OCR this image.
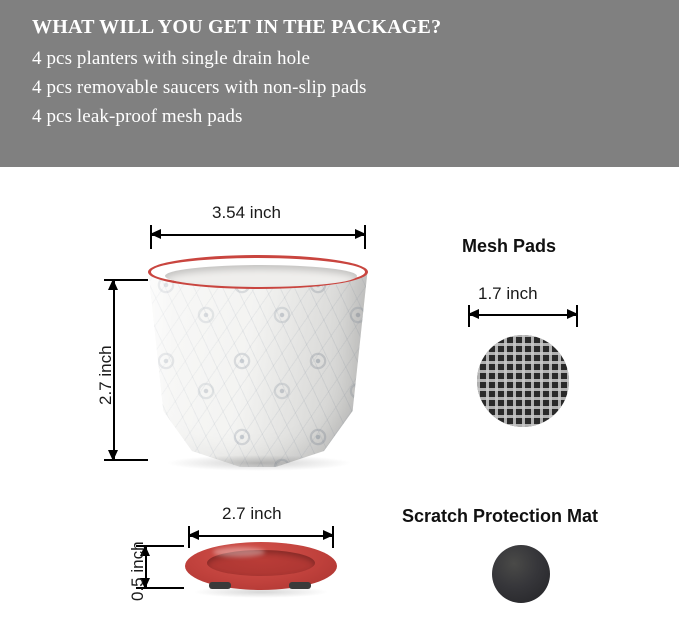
WHAT WILL YOU GET IN THE PACKAGE?
4 pcs planters with single drain hole
4 pcs removable saucers with non-slip pads
4 pcs leak-proof mesh pads
3.54 inch
2.7 inch
Mesh Pads
1.7 inch
2.7 inch
0.5 inch
Scratch Protection Mat
